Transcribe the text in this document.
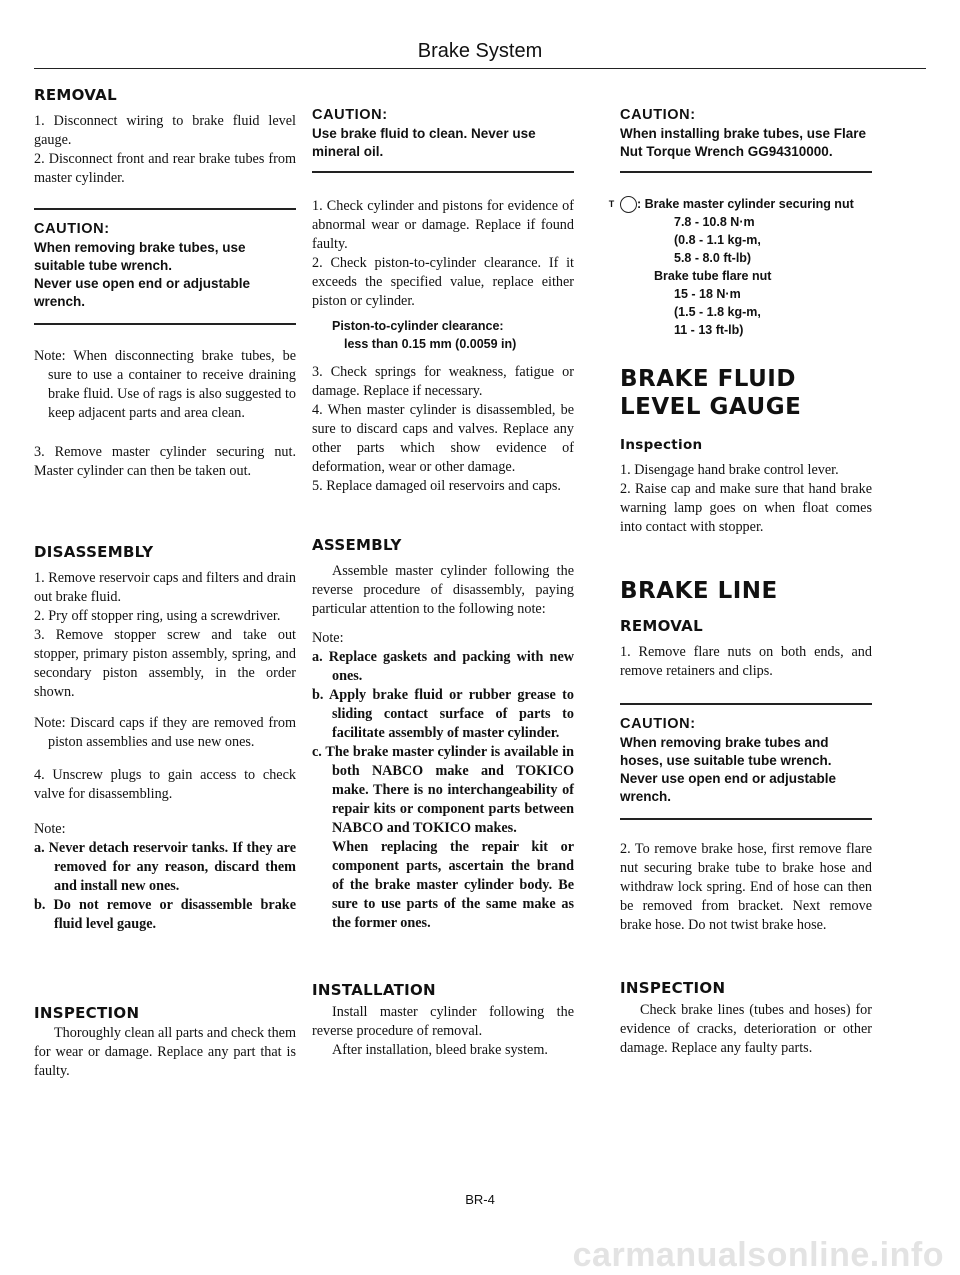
Brake System
REMOVAL

1. Disconnect wiring to brake fluid level gauge.

2. Disconnect front and rear brake tubes from master cylinder.

CAUTION:
When removing brake tubes, use suitable tube wrench.
Never use open end or adjustable wrench.

Note: When disconnecting brake tubes, be sure to use a container to receive draining brake fluid. Use of rags is also suggested to keep adjacent parts and area clean.

3. Remove master cylinder securing nut. Master cylinder can then be taken out.

DISASSEMBLY

1. Remove reservoir caps and filters and drain out brake fluid.

2. Pry off stopper ring, using a screwdriver.

3. Remove stopper screw and take out stopper, primary piston assembly, spring, and secondary piston assembly, in the order shown.

Note: Discard caps if they are removed from piston assemblies and use new ones.

4. Unscrew plugs to gain access to check valve for disassembling.

Note:

a. Never detach reservoir tanks. If they are removed for any reason, discard them and install new ones.

b. Do not remove or disassemble brake fluid level gauge.

INSPECTION

Thoroughly clean all parts and check them for wear or damage. Replace any part that is faulty.

CAUTION:
Use brake fluid to clean. Never use mineral oil.

1. Check cylinder and pistons for evidence of abnormal wear or damage. Replace if found faulty.

2. Check piston-to-cylinder clearance. If it exceeds the specified value, replace either piston or cylinder.

Piston-to-cylinder clearance:
less than 0.15 mm (0.0059 in)

3. Check springs for weakness, fatigue or damage. Replace if necessary.

4. When master cylinder is disassembled, be sure to discard caps and valves. Replace any other parts which show evidence of deformation, wear or other damage.

5. Replace damaged oil reservoirs and caps.

ASSEMBLY

Assemble master cylinder following the reverse procedure of disassembly, paying particular attention to the following note:

Note:

a. Replace gaskets and packing with new ones.

b. Apply brake fluid or rubber grease to sliding contact surface of parts to facilitate assembly of master cylinder.

c. The brake master cylinder is available in both NABCO make and TOKICO make. There is no interchangeability of repair kits or component parts between NABCO and TOKICO makes.

When replacing the repair kit or component parts, ascertain the brand of the brake master cylinder body. Be sure to use parts of the same make as the former ones.

INSTALLATION

Install master cylinder following the reverse procedure of removal.

After installation, bleed brake system.

CAUTION:
When installing brake tubes, use Flare Nut Torque Wrench GG94310000.
T : Brake master cylinder securing nut
7.8 - 10.8 N·m
(0.8 - 1.1 kg-m,
5.8 - 8.0 ft-lb)
Brake tube flare nut
15 - 18 N·m
(1.5 - 1.8 kg-m,
11 - 13 ft-lb)
BRAKE FLUID LEVEL GAUGE
Inspection

1. Disengage hand brake control lever.

2. Raise cap and make sure that hand brake warning lamp goes on when float comes into contact with stopper.

BRAKE LINE
REMOVAL

1. Remove flare nuts on both ends, and remove retainers and clips.

CAUTION:
When removing brake tubes and hoses, use suitable tube wrench. Never use open end or adjustable wrench.

2. To remove brake hose, first remove flare nut securing brake tube to brake hose and withdraw lock spring. End of hose can then be removed from bracket. Next remove brake hose. Do not twist brake hose.

INSPECTION

Check brake lines (tubes and hoses) for evidence of cracks, deterioration or other damage. Replace any faulty parts.

BR-4
carmanualsonline.info
